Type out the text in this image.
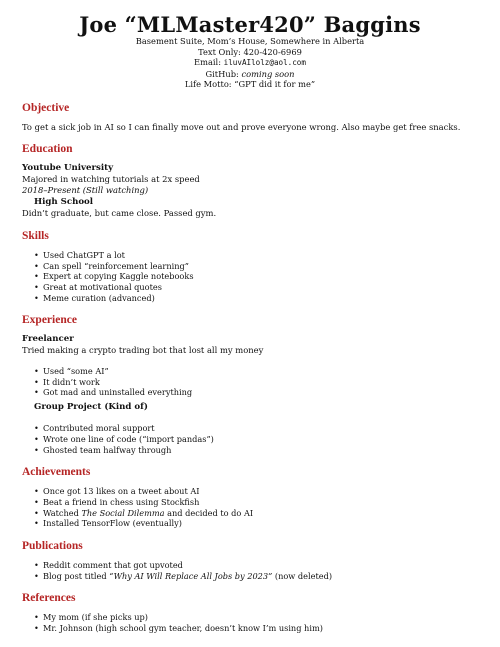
Joe “MLMaster420” Baggins
Basement Suite, Mom’s House, Somewhere in Alberta
Text Only: 420-420-6969
Email: iluvAIlolz@aol.com
GitHub: coming soon
Life Motto: “GPT did it for me”
Objective
To get a sick job in AI so I can finally move out and prove everyone wrong. Also maybe get free snacks.
Education
Youtube University
Majored in watching tutorials at 2x speed
2018–Present (Still watching)
High School
Didn’t graduate, but came close. Passed gym.
Skills
• Used ChatGPT a lot
• Can spell “reinforcement learning”
• Expert at copying Kaggle notebooks
• Great at motivational quotes
• Meme curation (advanced)
Experience
Freelancer
Tried making a crypto trading bot that lost all my money
• Used “some AI”
• It didn’t work
• Got mad and uninstalled everything
Group Project (Kind of)
• Contributed moral support
• Wrote one line of code (“import pandas”)
• Ghosted team halfway through
Achievements
• Once got 13 likes on a tweet about AI
• Beat a friend in chess using Stockfish
• Watched The Social Dilemma and decided to do AI
• Installed TensorFlow (eventually)
Publications
• Reddit comment that got upvoted
• Blog post titled “Why AI Will Replace All Jobs by 2023” (now deleted)
References
• My mom (if she picks up)
• Mr. Johnson (high school gym teacher, doesn’t know I’m using him)
